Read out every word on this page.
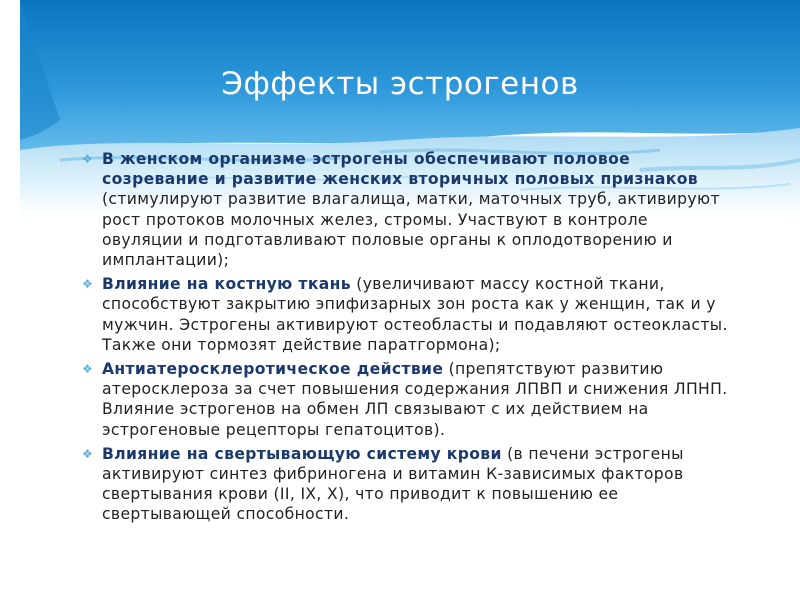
Эффекты эстрогенов
❖ В женском организме эстрогены обеспечивают половое созревание и развитие женских вторичных половых признаков (стимулируют развитие влагалища, матки, маточных труб, активируют рост протоков молочных желез, стромы. Участвуют в контроле овуляции и подготавливают половые органы к оплодотворению и имплантации);
❖ Влияние на костную ткань (увеличивают массу костной ткани, способствуют закрытию эпифизарных зон роста как у женщин, так и у мужчин. Эстрогены активируют остеобласты и подавляют остеокласты. Также они тормозят действие паратгормона);
❖ Антиатеросклеротическое действие (препятствуют развитию атеросклероза за счет повышения содержания ЛПВП и снижения ЛПНП. Влияние эстрогенов на обмен ЛП связывают с их действием на эстрогеновые рецепторы гепатоцитов).
❖ Влияние на свертывающую систему крови (в печени эстрогены активируют синтез фибриногена и витамин К-зависимых факторов свертывания крови (II, IX, X), что приводит к повышению ее свертывающей способности.
